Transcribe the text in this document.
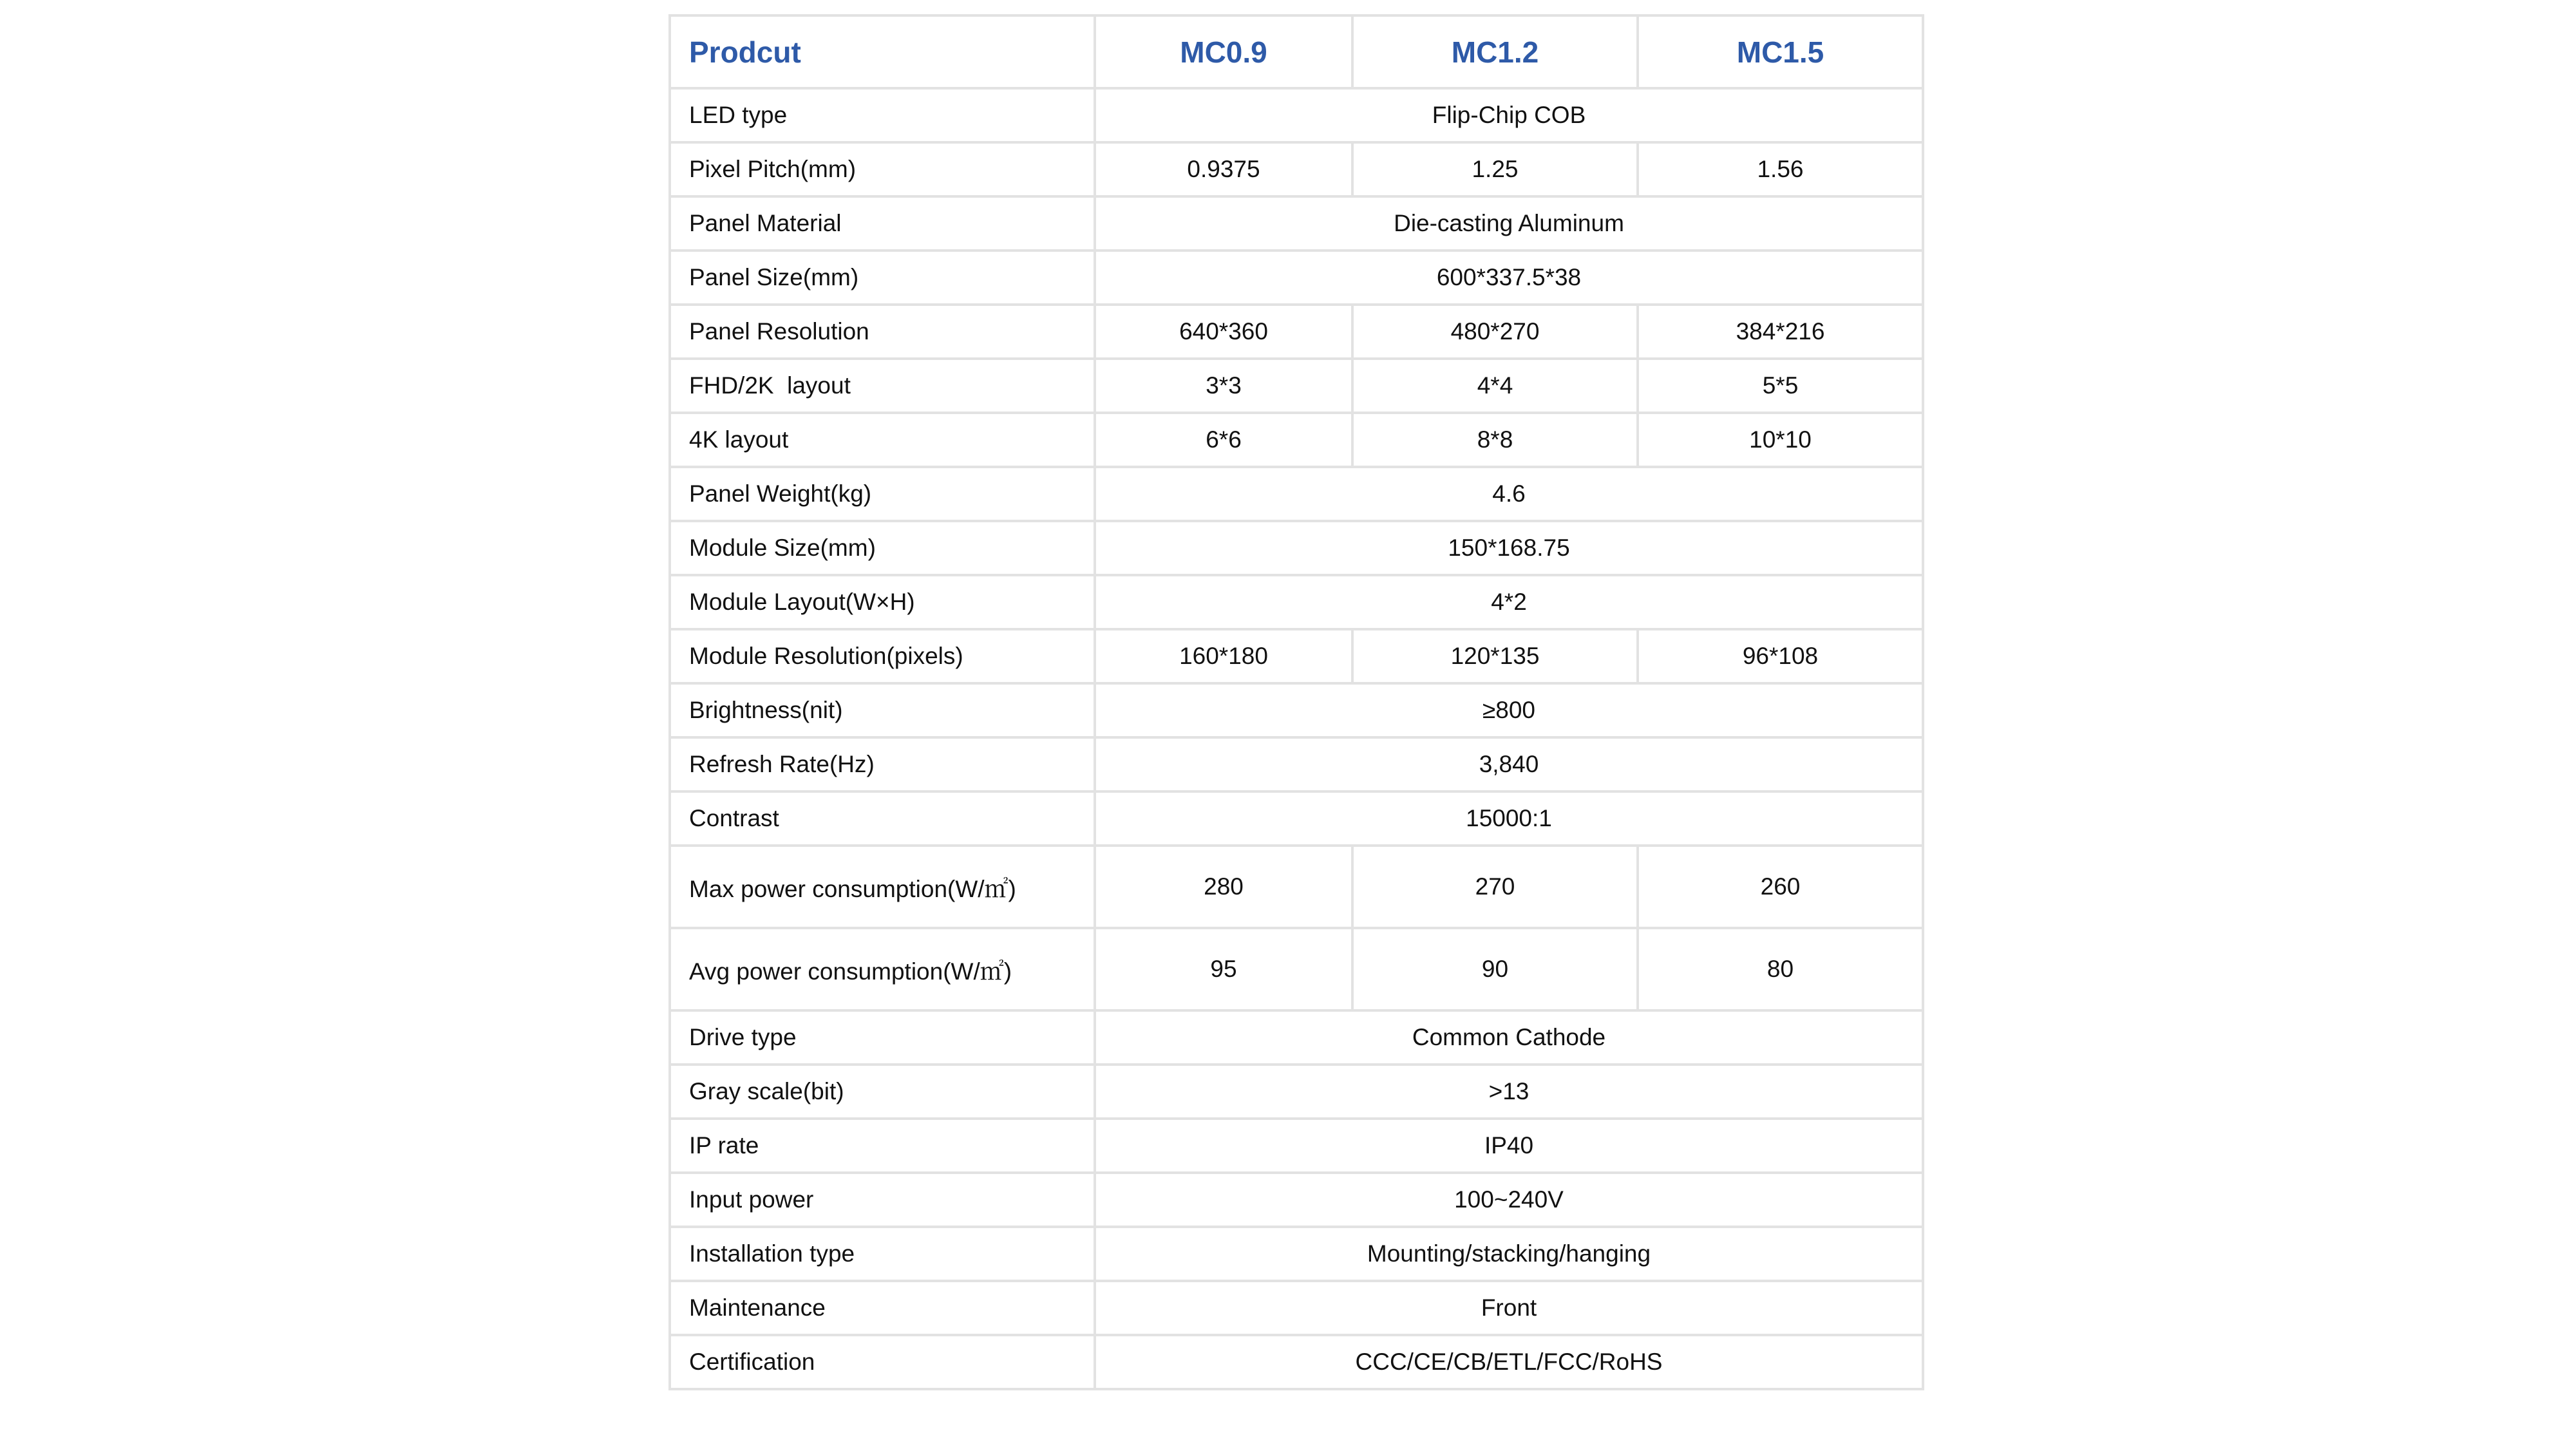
Prodcut	MC0.9	MC1.2	MC1.5
LED type	Flip-Chip COB		
Pixel Pitch(mm)	0.9375	1.25	1.56
Panel Material	Die-casting Aluminum		
Panel Size(mm)	600*337.5*38		
Panel Resolution	640*360	480*270	384*216
FHD/2K  layout	3*3	4*4	5*5
4K layout	6*6	8*8	10*10
Panel Weight(kg)	4.6		
Module Size(mm)	150*168.75		
Module Layout(W×H)	4*2		
Module Resolution(pixels)	160*180	120*135	96*108
Brightness(nit)	≥800		
Refresh Rate(Hz)	3,840		
Contrast	15000:1		
Max power consumption(W/㎡)	280	270	260
Avg power consumption(W/㎡)	95	90	80
Drive type	Common Cathode		
Gray scale(bit)	>13		
IP rate	IP40		
Input power	100~240V		
Installation type	Mounting/stacking/hanging		
Maintenance	Front		
Certification	CCC/CE/CB/ETL/FCC/RoHS		
